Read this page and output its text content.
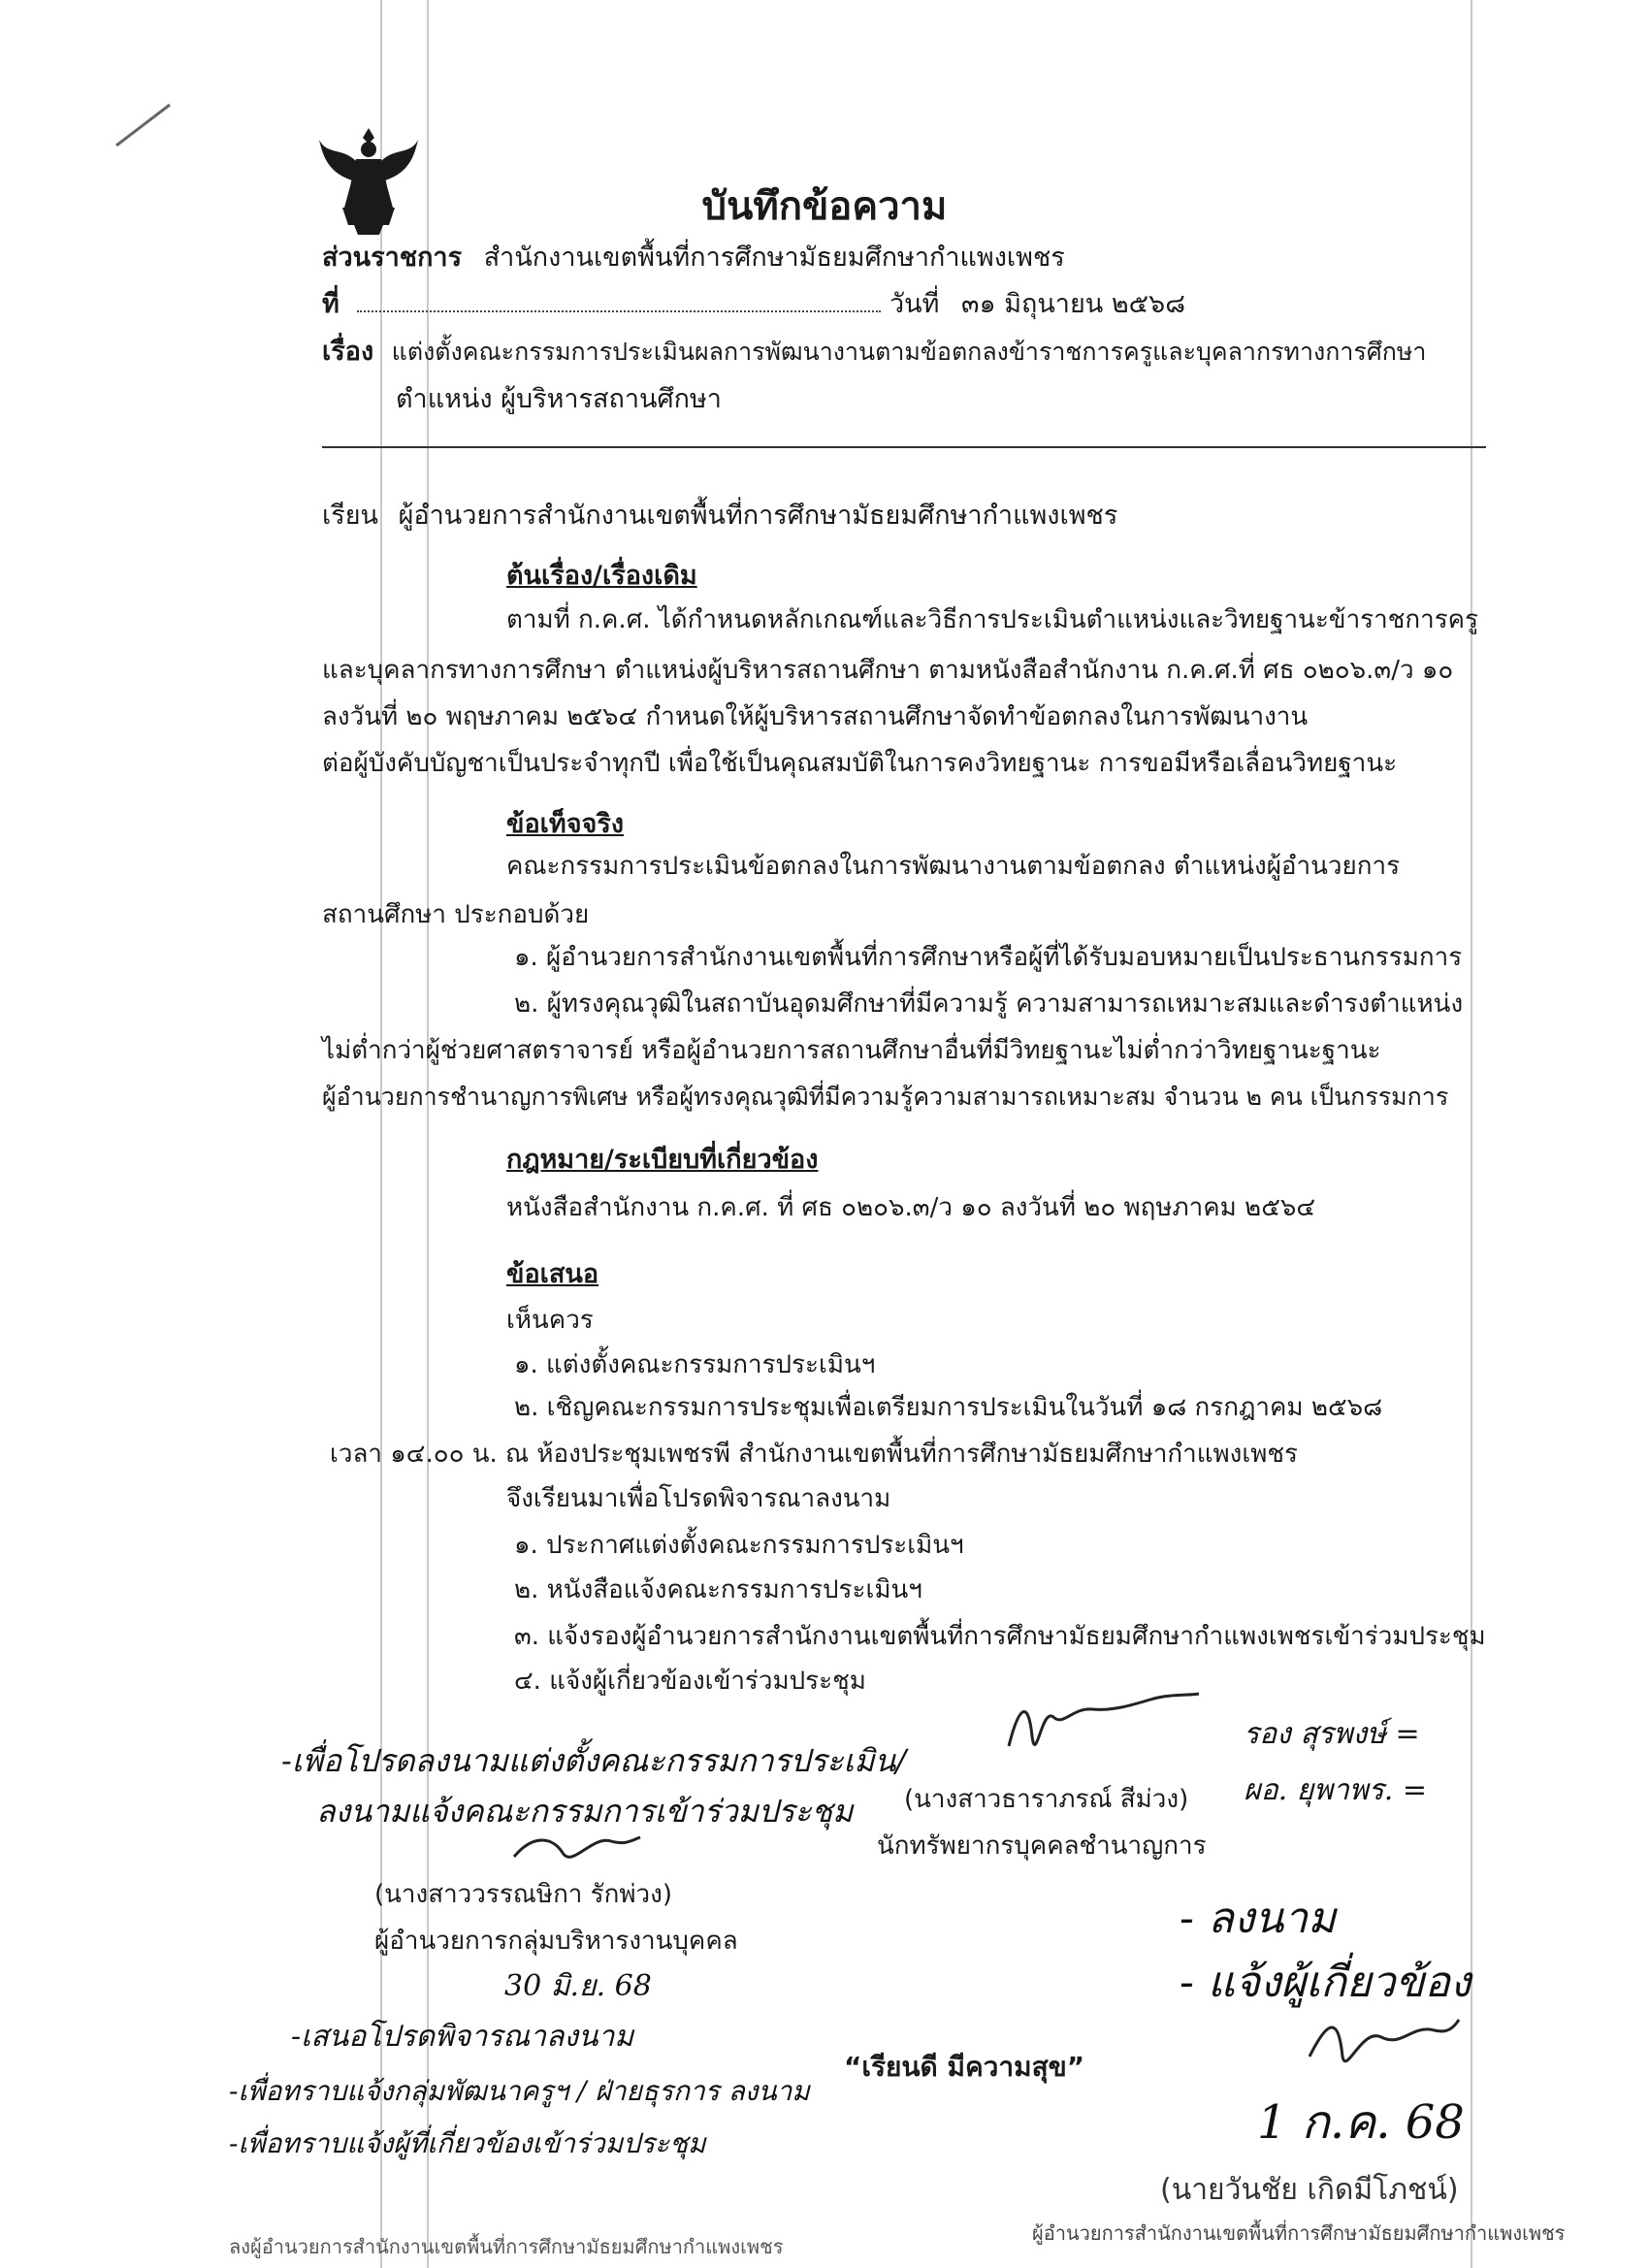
บันทึกข้อความ
ส่วนราชการ สำนักงานเขตพื้นที่การศึกษามัธยมศึกษากำแพงเพชร
ที่	วันที่ ๓๑ มิถุนายน ๒๕๖๘
เรื่อง แต่งตั้งคณะกรรมการประเมินผลการพัฒนางานตามข้อตกลงข้าราชการครูและบุคลากรทางการศึกษา
ตำแหน่ง ผู้บริหารสถานศึกษา
เรียน ผู้อำนวยการสำนักงานเขตพื้นที่การศึกษามัธยมศึกษากำแพงเพชร
ต้นเรื่อง/เรื่องเดิม
ตามที่ ก.ค.ศ. ได้กำหนดหลักเกณฑ์และวิธีการประเมินตำแหน่งและวิทยฐานะข้าราชการครู
และบุคลากรทางการศึกษา ตำแหน่งผู้บริหารสถานศึกษา ตามหนังสือสำนักงาน ก.ค.ศ.ที่ ศธ ๐๒๐๖.๓/ว ๑๐
ลงวันที่ ๒๐ พฤษภาคม ๒๕๖๔ กำหนดให้ผู้บริหารสถานศึกษาจัดทำข้อตกลงในการพัฒนางาน
ต่อผู้บังคับบัญชาเป็นประจำทุกปี เพื่อใช้เป็นคุณสมบัติในการคงวิทยฐานะ การขอมีหรือเลื่อนวิทยฐานะ
ข้อเท็จจริง
คณะกรรมการประเมินข้อตกลงในการพัฒนางานตามข้อตกลง ตำแหน่งผู้อำนวยการ
สถานศึกษา ประกอบด้วย
๑. ผู้อำนวยการสำนักงานเขตพื้นที่การศึกษาหรือผู้ที่ได้รับมอบหมายเป็นประธานกรรมการ
๒. ผู้ทรงคุณวุฒิในสถาบันอุดมศึกษาที่มีความรู้ ความสามารถเหมาะสมและดำรงตำแหน่ง
ไม่ต่ำกว่าผู้ช่วยศาสตราจารย์ หรือผู้อำนวยการสถานศึกษาอื่นที่มีวิทยฐานะไม่ต่ำกว่าวิทยฐานะฐานะ
ผู้อำนวยการชำนาญการพิเศษ หรือผู้ทรงคุณวุฒิที่มีความรู้ความสามารถเหมาะสม จำนวน ๒ คน เป็นกรรมการ
กฎหมาย/ระเบียบที่เกี่ยวข้อง
หนังสือสำนักงาน ก.ค.ศ. ที่ ศธ ๐๒๐๖.๓/ว ๑๐ ลงวันที่ ๒๐ พฤษภาคม ๒๕๖๔
ข้อเสนอ
เห็นควร
๑. แต่งตั้งคณะกรรมการประเมินฯ
๒. เชิญคณะกรรมการประชุมเพื่อเตรียมการประเมินในวันที่ ๑๘ กรกฎาคม ๒๕๖๘
เวลา ๑๔.๐๐ น. ณ ห้องประชุมเพชรพี สำนักงานเขตพื้นที่การศึกษามัธยมศึกษากำแพงเพชร
จึงเรียนมาเพื่อโปรดพิจารณาลงนาม
๑. ประกาศแต่งตั้งคณะกรรมการประเมินฯ
๒. หนังสือแจ้งคณะกรรมการประเมินฯ
๓. แจ้งรองผู้อำนวยการสำนักงานเขตพื้นที่การศึกษามัธยมศึกษากำแพงเพชรเข้าร่วมประชุม
๔. แจ้งผู้เกี่ยวข้องเข้าร่วมประชุม
-เพื่อโปรดลงนามแต่งตั้งคณะกรรมการประเมิน/
ลงนามแจ้งคณะกรรมการเข้าร่วมประชุม (นางสาวธาราภรณ์ สีม่วง)
นักทรัพยากรบุคคลชำนาญการ
รอง สุรพงษ์ =
ผอ. ยุพาพร. =
(นางสาววรรณษิกา รักพ่วง)
ผู้อำนวยการกลุ่มบริหารงานบุคคล
30 มิ.ย. 68
- ลงนาม
- แจ้งผู้เกี่ยวข้อง
1 ก.ค. 68
-เสนอโปรดพิจารณาลงนาม
-เพื่อทราบแจ้งกลุ่มพัฒนาครูฯ / ฝ่ายธุรการ ลงนาม
-เพื่อทราบแจ้งผู้ที่เกี่ยวข้องเข้าร่วมประชุม
“เรียนดี มีความสุข”
(นายวันชัย เกิดมีโภชน์)
ผู้อำนวยการสำนักงานเขตพื้นที่การศึกษามัธยมศึกษากำแพงเพชร
ลงผู้อำนวยการสำนักงานเขตพื้นที่การศึกษามัธยมศึกษากำแพงเพชร
